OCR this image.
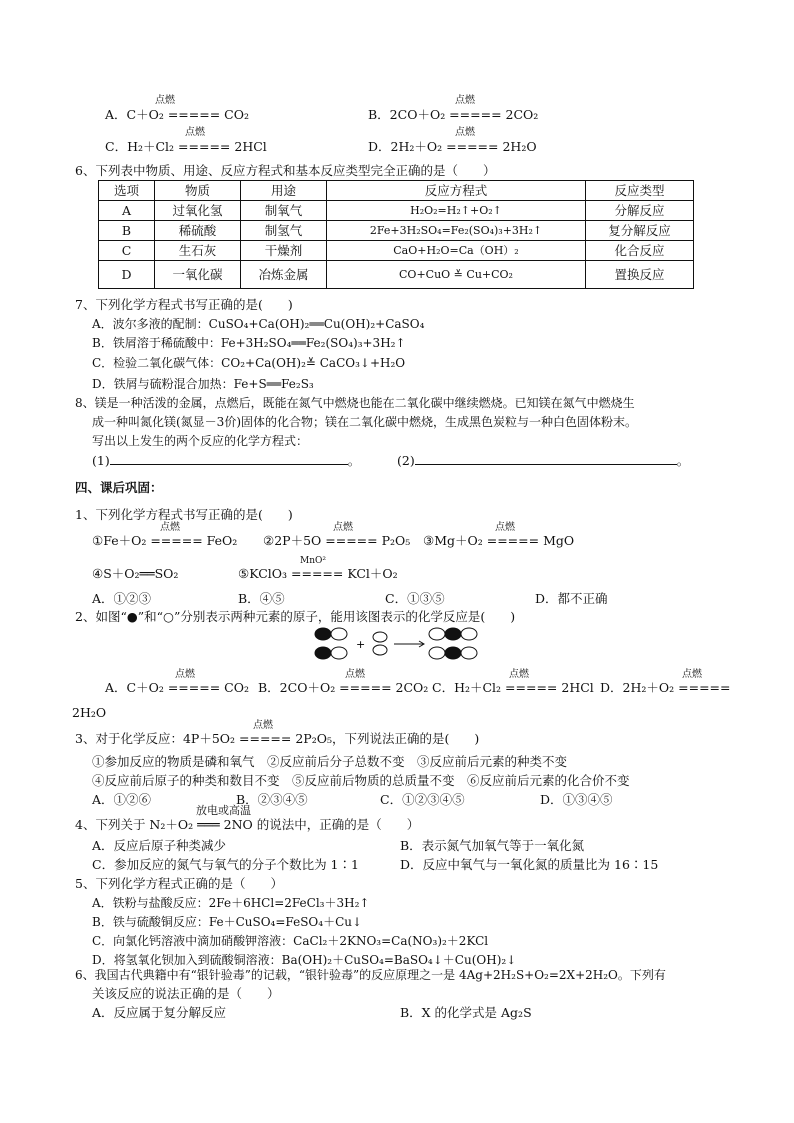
A．C＋O₂ ===== CO₂
点燃
B．2CO＋O₂ ===== 2CO₂
点燃
C．H₂＋Cl₂ ===== 2HCl
点燃
D．2H₂＋O₂ ===== 2H₂O
点燃
6、下列表中物质、用途、反应方程式和基本反应类型完全正确的是（　　）
选项	物质	用途	反应方程式	反应类型
A	过氧化氢	制氧气	H₂O₂=H₂↑+O₂↑	分解反应
B	稀硫酸	制氢气	2Fe+3H₂SO₄=Fe₂(SO₄)₃+3H₂↑	复分解反应
C	生石灰	干燥剂	CaO+H₂O=Ca（OH）₂	化合反应
D	一氧化碳	冶炼金属	CO+CuO ≚ Cu+CO₂	置换反应
7、下列化学方程式书写正确的是(　　)
A．波尔多液的配制：CuSO₄+Ca(OH)₂══Cu(OH)₂+CaSO₄
B．铁屑溶于稀硫酸中：Fe+3H₂SO₄══Fe₂(SO₄)₃+3H₂↑
C．检验二氧化碳气体：CO₂+Ca(OH)₂≚ CaCO₃↓+H₂O
D．铁屑与硫粉混合加热：Fe+S══Fe₂S₃
8、镁是一种活泼的金属，点燃后，既能在氮气中燃烧也能在二氧化碳中继续燃烧。已知镁在氮气中燃烧生
成一种叫氮化镁(氮显－3价)固体的化合物；镁在二氧化碳中燃烧，生成黑色炭粒与一种白色固体粉末。
写出以上发生的两个反应的化学方程式：
(1)	。	(2)	。
四、课后巩固：
1、下列化学方程式书写正确的是(　　)
①Fe＋O₂ ===== FeO₂
点燃
②2P＋5O ===== P₂O₅
点燃
③Mg＋O₂ ===== MgO
点燃
④S＋O₂══SO₂	⑤KClO₃ ===== KCl＋O₂
MnO²
A．①②③	B．④⑤	C．①③⑤	D．都不正确
2、如图“●”和“○”分别表示两种元素的原子，能用该图表示的化学反应是(　　)
+
A．C＋O₂ ===== CO₂
点燃
B．2CO＋O₂ ===== 2CO₂
点燃
C．H₂＋Cl₂ ===== 2HCl
点燃
D．2H₂＋O₂ =====
点燃
2H₂O
3、对于化学反应：4P＋5O₂ ===== 2P₂O₅，下列说法正确的是(　　)
点燃
①参加反应的物质是磷和氧气　②反应前后分子总数不变　③反应前后元素的种类不变
④反应前后原子的种类和数目不变　⑤反应前后物质的总质量不变　⑥反应前后元素的化合价不变
A．①②⑥	B．②③④⑤	C．①②③④⑤	D．①③④⑤
4、下列关于 N₂＋O₂ ═══ 2NO 的说法中，正确的是（　　）
放电或高温
A．反应后原子种类减少	B．表示氮气加氧气等于一氧化氮
C．参加反应的氮气与氧气的分子个数比为 1∶1	D．反应中氧气与一氧化氮的质量比为 16∶15
5、下列化学方程式正确的是（　　）
A．铁粉与盐酸反应：2Fe＋6HCl=2FeCl₃＋3H₂↑
B．铁与硫酸铜反应：Fe＋CuSO₄=FeSO₄＋Cu↓
C．向氯化钙溶液中滴加硝酸钾溶液：CaCl₂＋2KNO₃=Ca(NO₃)₂＋2KCl
D．将氢氧化钡加入到硫酸铜溶液：Ba(OH)₂＋CuSO₄=BaSO₄↓＋Cu(OH)₂↓
6、我国古代典籍中有“银针验毒”的记载，“银针验毒”的反应原理之一是 4Ag+2H₂S+O₂=2X+2H₂O。下列有
关该反应的说法正确的是（　　）
A．反应属于复分解反应	B．X 的化学式是 Ag₂S
